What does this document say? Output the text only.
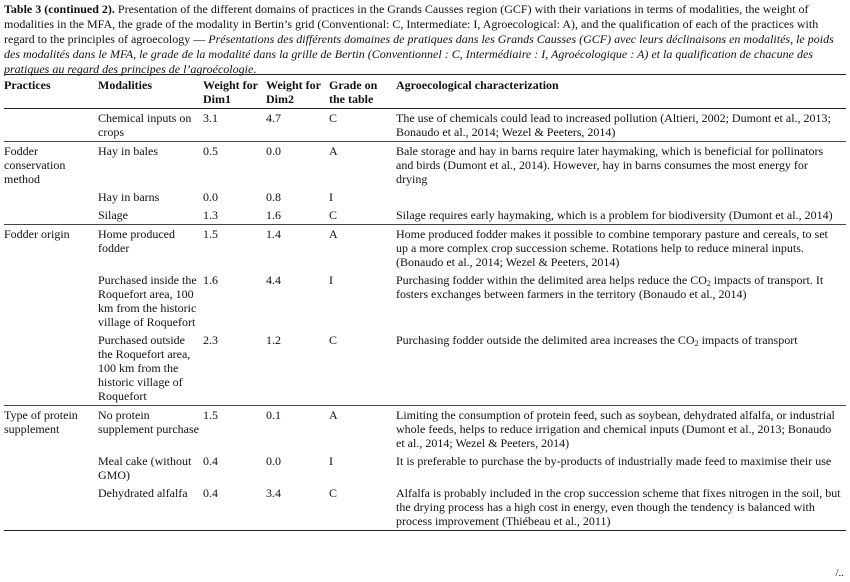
Table 3 (continued 2). Presentation of the different domains of practices in the Grands Causses region (GCF) with their variations in terms of modalities, the weight of modalities in the MFA, the grade of the modality in Bertin’s grid (Conventional: C, Intermediate: I, Agroecological: A), and the qualification of each of the practices with regard to the principles of agroecology — Présentations des différents domaines de pratiques dans les Grands Causses (GCF) avec leurs déclinaisons en modalités, le poids des modalités dans le MFA, le grade de la modalité dans la grille de Bertin (Conventionnel : C, Intermédiaire : I, Agroécologique : A) et la qualification de chacune des pratiques au regard des principes de l’agroécologie.
Practices	Modalities	Weight for Dim1	Weight for Dim2	Grade on the table	Agroecological characterization
	Chemical inputs on crops	3.1	4.7	C	The use of chemicals could lead to increased pollution (Altieri, 2002; Dumont et al., 2013; Bonaudo et al., 2014; Wezel & Peeters, 2014)
Fodder conservation method	Hay in bales	0.5	0.0	A	Bale storage and hay in barns require later haymaking, which is beneficial for pollinators and birds (Dumont et al., 2014). However, hay in barns consumes the most energy for drying
	Hay in barns	0.0	0.8	I	
	Silage	1.3	1.6	C	Silage requires early haymaking, which is a problem for biodiversity (Dumont et al., 2014)
Fodder origin	Home produced fodder	1.5	1.4	A	Home produced fodder makes it possible to combine temporary pasture and cereals, to set up a more complex crop succession scheme. Rotations help to reduce mineral inputs. (Bonaudo et al., 2014; Wezel & Peeters, 2014)
	Purchased inside the Roquefort area, 100 km from the historic village of Roquefort	1.6	4.4	I	Purchasing fodder within the delimited area helps reduce the $CO_2$ impacts of transport. It fosters exchanges between farmers in the territory (Bonaudo et al., 2014)
	Purchased outside the Roquefort area, 100 km from the historic village of Roquefort	2.3	1.2	C	Purchasing fodder outside the delimited area increases the $CO_2$ impacts of transport
Type of protein supplement	No protein supplement purchase	1.5	0.1	A	Limiting the consumption of protein feed, such as soybean, dehydrated alfalfa, or industrial whole feeds, helps to reduce irrigation and chemical inputs (Dumont et al., 2013; Bonaudo et al., 2014; Wezel & Peeters, 2014)
	Meal cake (without GMO)	0.4	0.0	I	It is preferable to purchase the by-products of industrially made feed to maximise their use
	Dehydrated alfalfa	0.4	3.4	C	Alfalfa is probably included in the crop succession scheme that fixes nitrogen in the soil, but the drying process has a high cost in energy, even though the tendency is balanced with process improvement (Thiébeau et al., 2011)
/..
